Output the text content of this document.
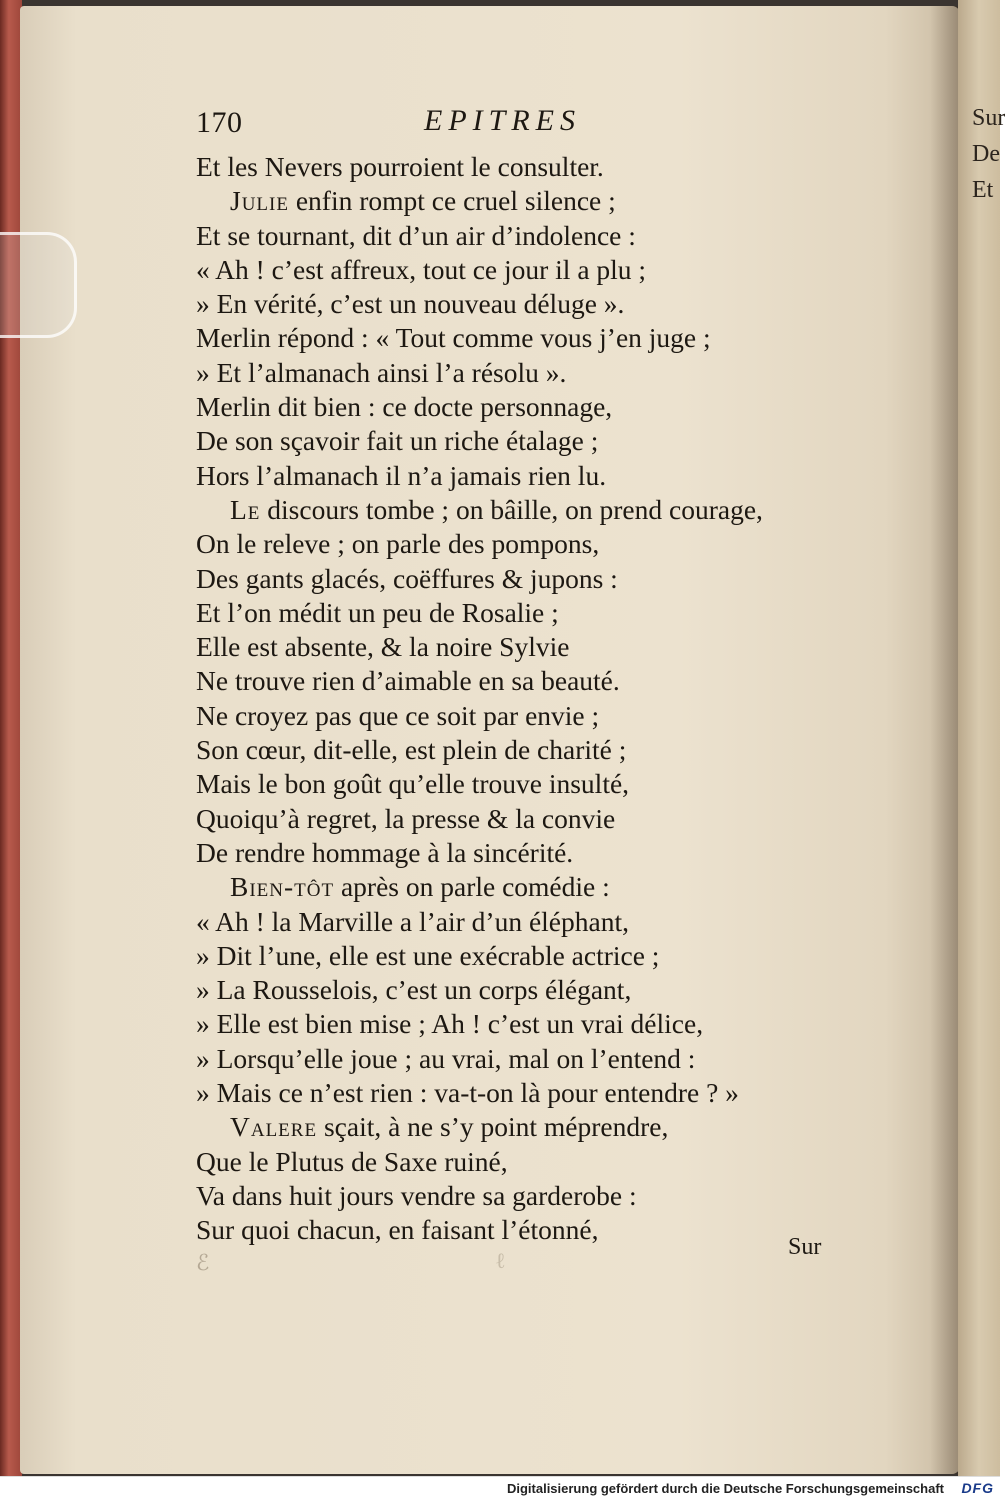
Sur
De
Et
170	EPITRES
Et les Nevers pourroient le consulter.
Julie enfin rompt ce cruel silence ;
Et se tournant, dit d’un air d’indolence :
« Ah ! c’est affreux, tout ce jour il a plu ;
» En vérité, c’est un nouveau déluge ».
Merlin répond : « Tout comme vous j’en juge ;
» Et l’almanach ainsi l’a résolu ».
Merlin dit bien : ce docte personnage,
De son sçavoir fait un riche étalage ;
Hors l’almanach il n’a jamais rien lu.
Le discours tombe ; on bâille, on prend courage,
On le releve ; on parle des pompons,
Des gants glacés, coëffures & jupons :
Et l’on médit un peu de Rosalie ;
Elle est absente, & la noire Sylvie
Ne trouve rien d’aimable en sa beauté.
Ne croyez pas que ce soit par envie ;
Son cœur, dit-elle, est plein de charité ;
Mais le bon goût qu’elle trouve insulté,
Quoiqu’à regret, la presse & la convie
De rendre hommage à la sincérité.
Bien-tôt après on parle comédie :
« Ah ! la Marville a l’air d’un éléphant,
» Dit l’une, elle est une exécrable actrice ;
» La Rousselois, c’est un corps élégant,
» Elle est bien mise ; Ah ! c’est un vrai délice,
» Lorsqu’elle joue ; au vrai, mal on l’entend :
» Mais ce n’est rien : va-t-on là pour entendre ? »
Valere sçait, à ne s’y point méprendre,
Que le Plutus de Saxe ruiné,
Va dans huit jours vendre sa garderobe :
Sur quoi chacun, en faisant l’étonné,
ℰ	ℓ
Sur
Digitalisierung gefördert durch die Deutsche Forschungsgemeinschaft DFG
